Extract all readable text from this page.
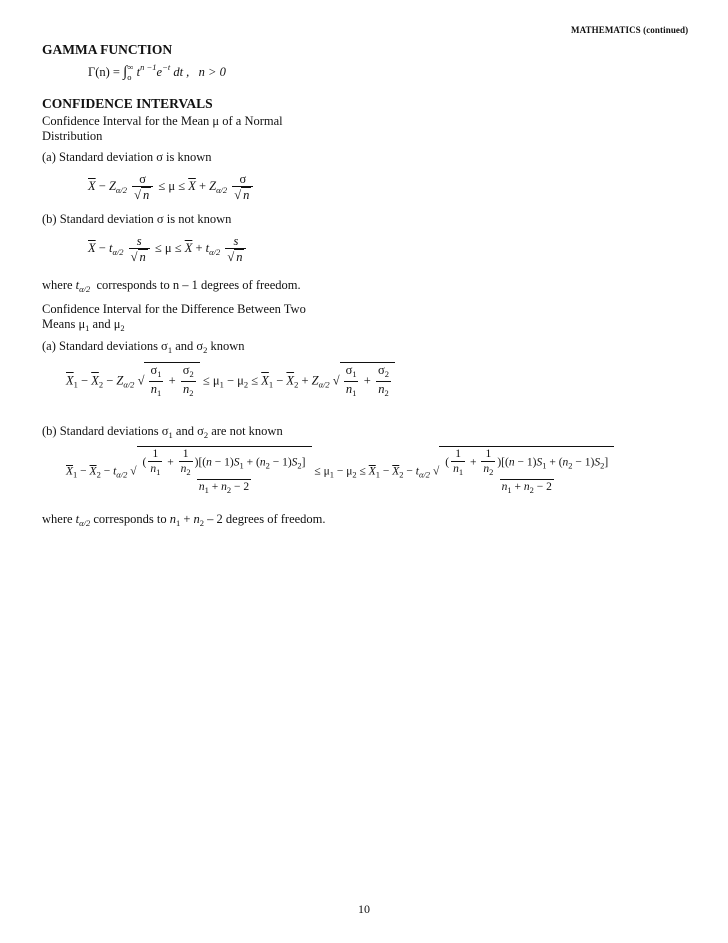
MATHEMATICS (continued)
GAMMA FUNCTION
$\Gamma(n) = \int_o^\infty$ $t^{n -1}e^{-t}$ dt , n > 0
CONFIDENCE INTERVALS
Confidence Interval for the Mean μ of a Normal Distribution
(a) Standard deviation σ is known
$\overline{X} - Z_{\alpha/2} \frac{\sigma}{√ n} \le \mu \le \overline{X} + Z_{\alpha/2} \frac{\sigma}{√ n}$
(b) Standard deviation σ is not known
$\overline{X} - t_{\alpha/2} \frac{s}{√ n} \le \mu \le \overline{X} + t_{\alpha/2} \frac{s}{√ n}$
where $t_{\alpha/2}$ corresponds to n – 1 degrees of freedom.
Confidence Interval for the Difference Between Two Means $\mu_1$ and $\mu_2$
(a) Standard deviations $\sigma_1$ and $\sigma_2$ known
$\overline{X}_1 - \overline{X}_2 - Z_{\alpha/2}$ √ $\frac{\sigma_1}{n_1} + \frac{\sigma_2}{n_2} \le \mu_1 - \mu_2 \le \overline{X}_1 - \overline{X}_2 + Z_{\alpha/2}$ √ $\frac{\sigma_1}{n_1} + \frac{\sigma_2}{n_2}$
(b) Standard deviations $\sigma_1$ and $\sigma_2$ are not known
$\overline{X}_1 - \overline{X}_2 - t_{\alpha/2}$ √ $\frac{( \frac{1}{n_1} + \frac{1}{n_2} )[(n - 1)S_1 + (n_2 - 1)S_2]}{n_1 + n_2 - 2} \le \mu_1 - \mu_2 \le \overline{X}_1 - \overline{X}_2 - t_{\alpha/2}$ √ $\frac{( \frac{1}{n_1} + \frac{1}{n_2} )[(n - 1)S_1 + (n_2 - 1)S_2]}{n_1 + n_2 - 2}$
where $t_{\alpha/2}$ corresponds to $n_1 + n_2 - 2$ degrees of freedom.
10
